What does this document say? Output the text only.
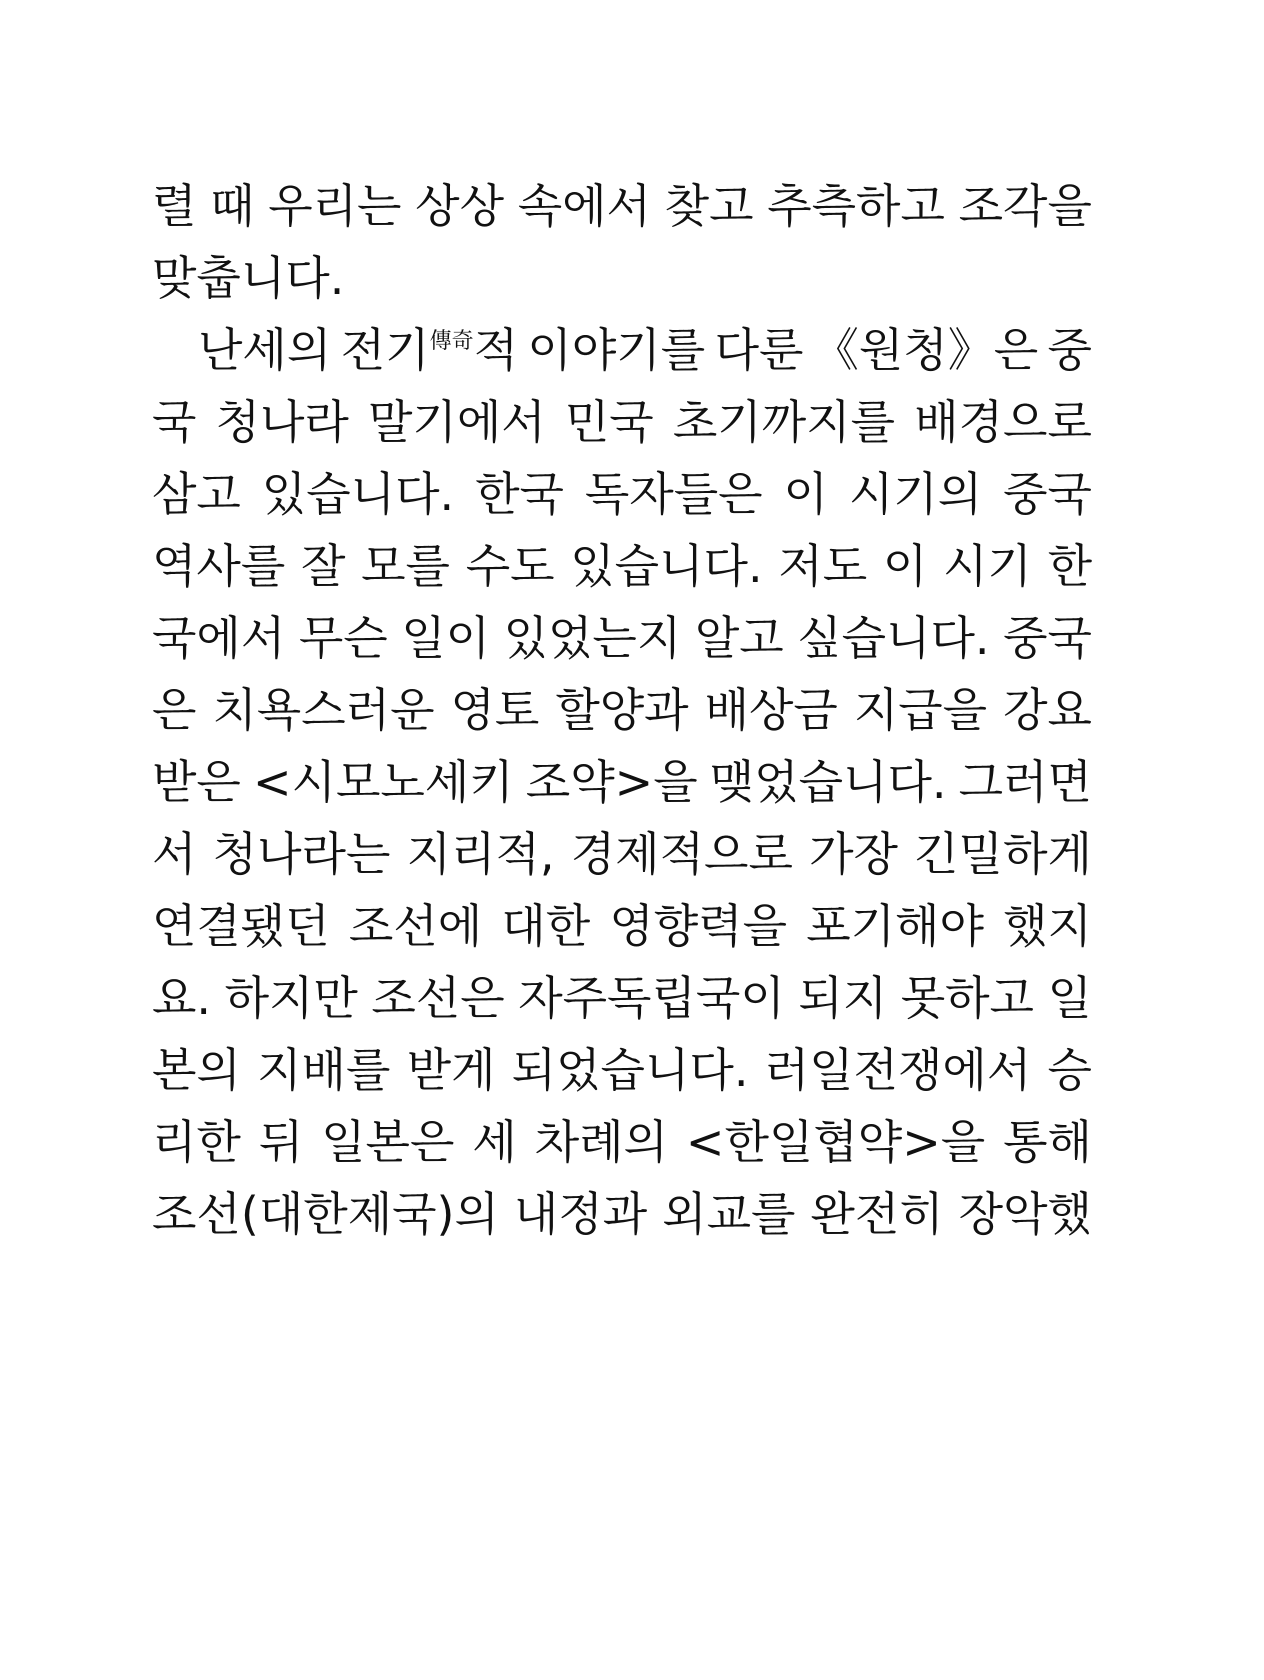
렬 때 우리는 상상 속에서 찾고 추측하고 조각을
맞춥니다.
난세의 전기$^{傳奇}$적 이야기를 다룬 《원청》은 중
국 청나라 말기에서 민국 초기까지를 배경으로
삼고 있습니다. 한국 독자들은 이 시기의 중국
역사를 잘 모를 수도 있습니다. 저도 이 시기 한
국에서 무슨 일이 있었는지 알고 싶습니다. 중국
은 치욕스러운 영토 할양과 배상금 지급을 강요
받은 <시모노세키 조약>을 맺었습니다. 그러면
서 청나라는 지리적, 경제적으로 가장 긴밀하게
연결됐던 조선에 대한 영향력을 포기해야 했지
요. 하지만 조선은 자주독립국이 되지 못하고 일
본의 지배를 받게 되었습니다. 러일전쟁에서 승
리한 뒤 일본은 세 차례의 <한일협약>을 통해
조선(대한제국)의 내정과 외교를 완전히 장악했
